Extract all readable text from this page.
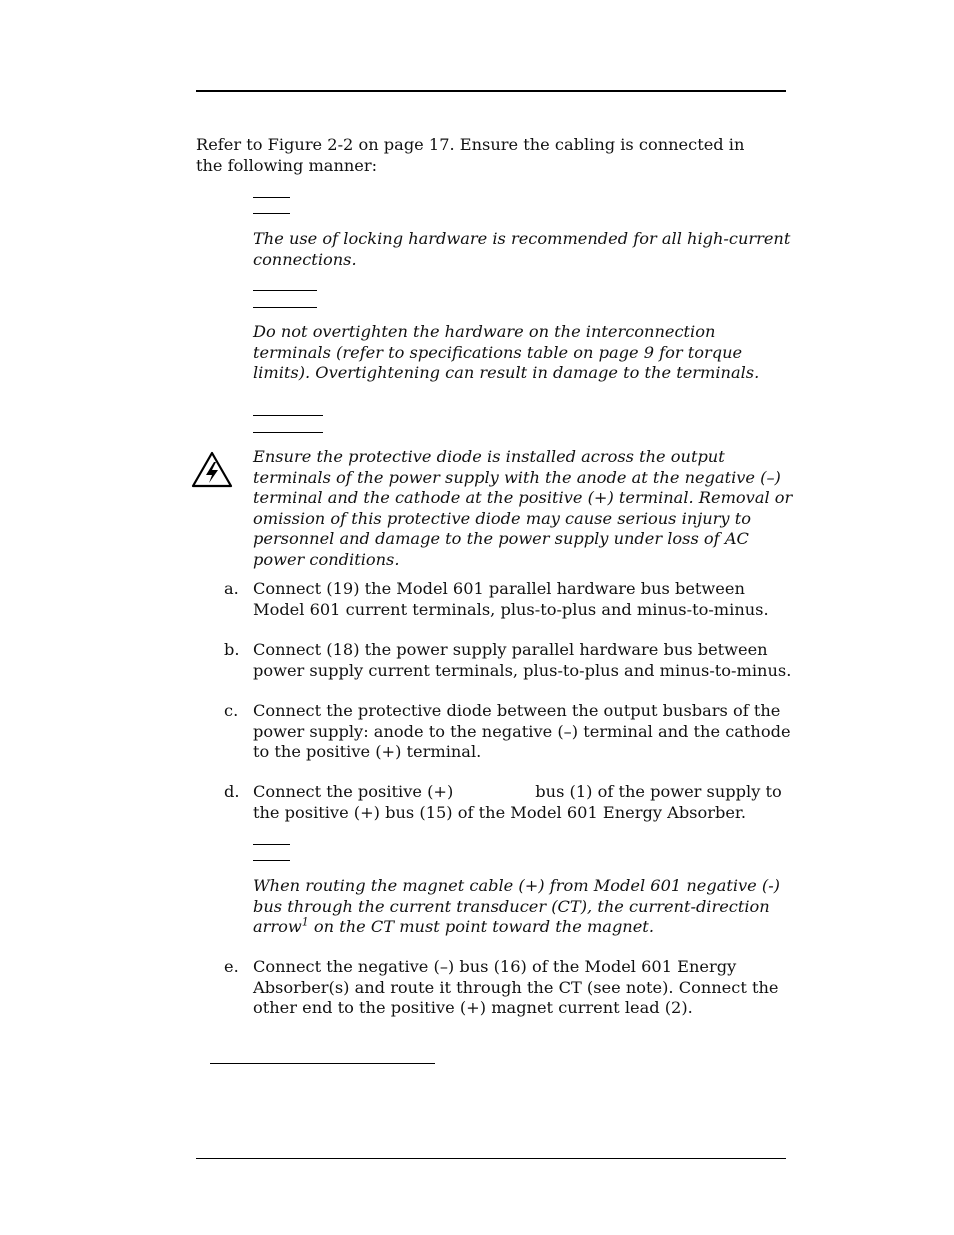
Refer to Figure 2-2 on page 17. Ensure the cabling is connected in the following manner:
The use of locking hardware is recommended for all high-current connections.
Do not overtighten the hardware on the interconnection terminals (refer to specifications table on page 9 for torque limits). Overtightening can result in damage to the terminals.
Ensure the protective diode is installed across the output terminals of the power supply with the anode at the negative (–) terminal and the cathode at the positive (+) terminal. Removal or omission of this protective diode may cause serious injury to personnel and damage to the power supply under loss of AC power conditions.
a. Connect (19) the Model 601 parallel hardware bus between Model 601 current terminals, plus-to-plus and minus-to-minus.
b. Connect (18) the power supply parallel hardware bus between power supply current terminals, plus-to-plus and minus-to-minus.
c. Connect the protective diode between the output busbars of the power supply: anode to the negative (–) terminal and the cathode to the positive (+) terminal.
d. Connect the positive (+)	bus (1) of the power supply to the positive (+) bus (15) of the Model 601 Energy Absorber.
When routing the magnet cable (+) from Model 601 negative (-) bus through the current transducer (CT), the current-direction arrow$^1$ on the CT must point toward the magnet.
e. Connect the negative (–) bus (16) of the Model 601 Energy Absorber(s) and route it through the CT (see note). Connect the other end to the positive (+) magnet current lead (2).
